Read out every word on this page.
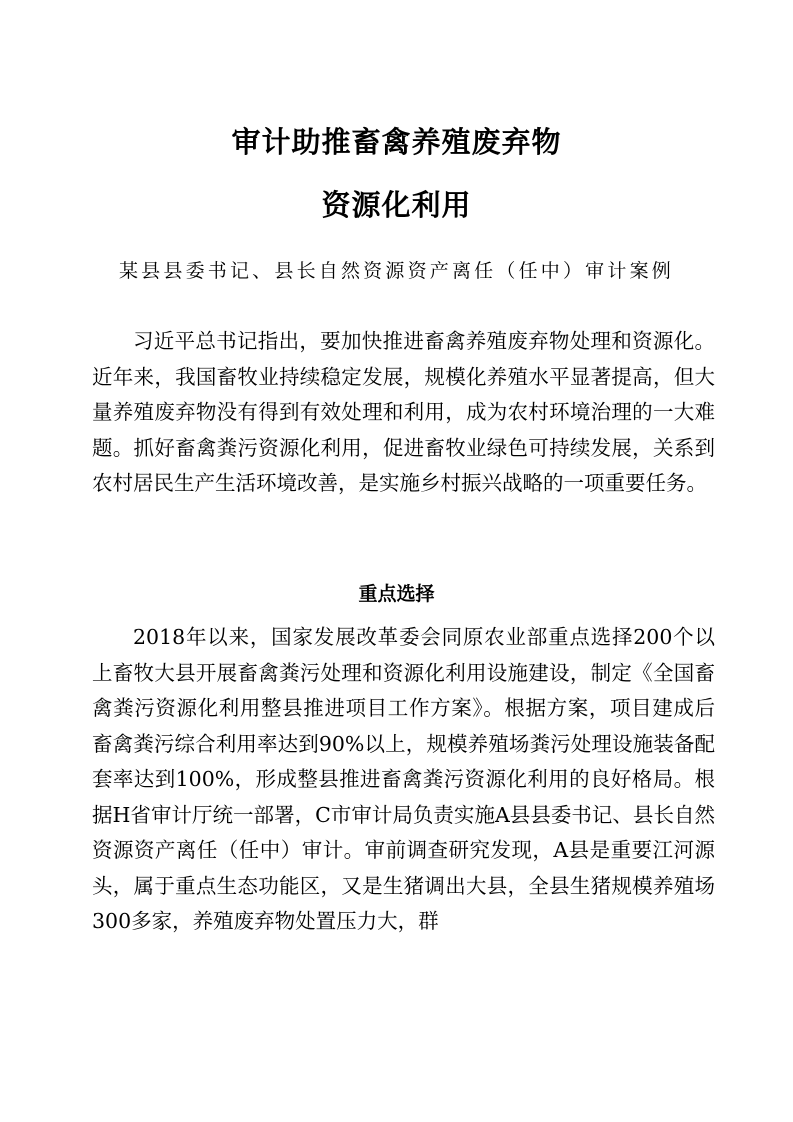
审计助推畜禽养殖废弃物
资源化利用

某县县委书记、县长自然资源资产离任（任中）审计案例

习近平总书记指出，要加快推进畜禽养殖废弃物处理和资源化。近年来，我国畜牧业持续稳定发展，规模化养殖水平显著提高，但大量养殖废弃物没有得到有效处理和利用，成为农村环境治理的一大难题。抓好畜禽粪污资源化利用，促进畜牧业绿色可持续发展，关系到农村居民生产生活环境改善，是实施乡村振兴战略的一项重要任务。

重点选择

2018年以来，国家发展改革委会同原农业部重点选择200个以上畜牧大县开展畜禽粪污处理和资源化利用设施建设，制定《全国畜禽粪污资源化利用整县推进项目工作方案》。根据方案，项目建成后畜禽粪污综合利用率达到90%以上，规模养殖场粪污处理设施装备配套率达到100%，形成整县推进畜禽粪污资源化利用的良好格局。根据H省审计厅统一部署，C市审计局负责实施A县县委书记、县长自然资源资产离任（任中）审计。审前调查研究发现，A县是重要江河源头，属于重点生态功能区，又是生猪调出大县，全县生猪规模养殖场300多家，养殖废弃物处置压力大，群
